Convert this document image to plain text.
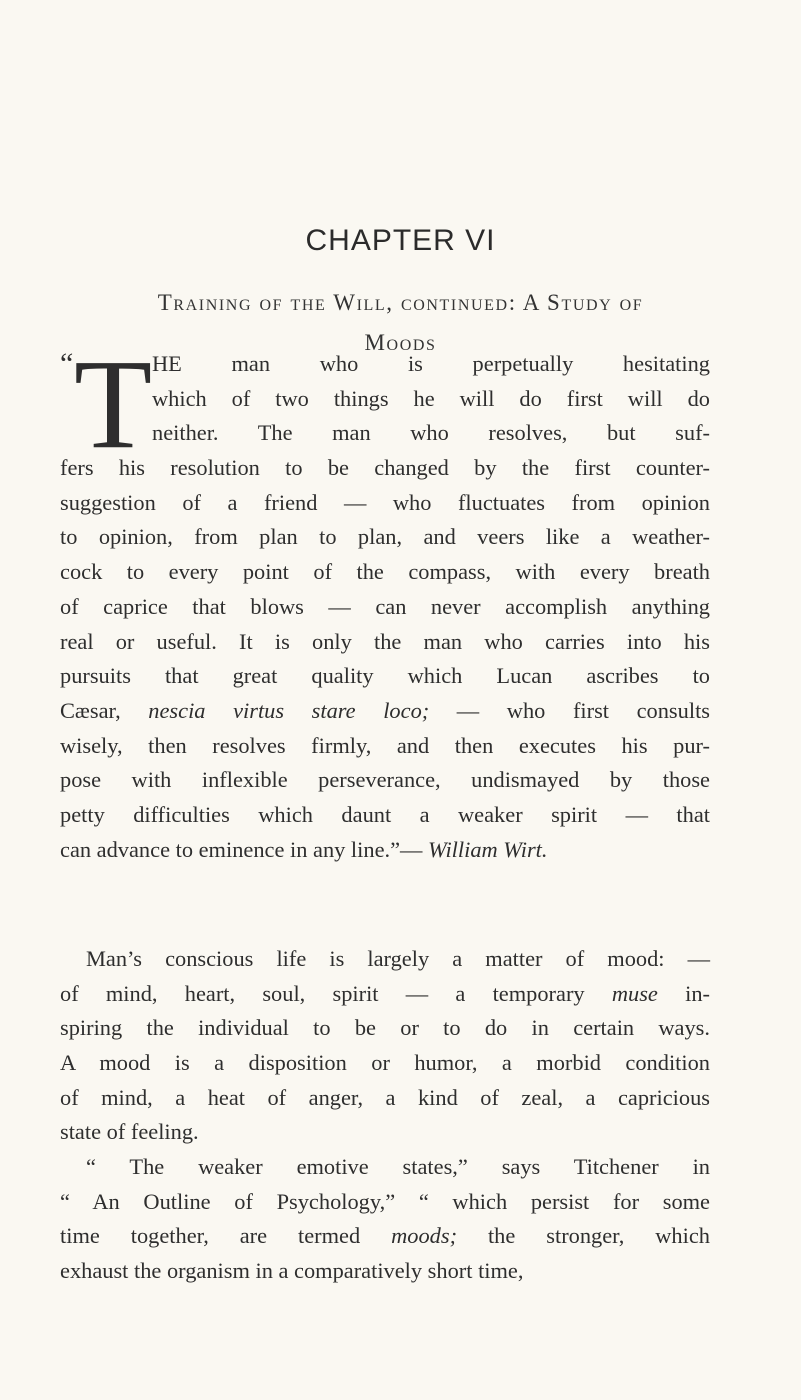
CHAPTER VI
Training of the Will, continued: A Study of
Moods
“ T HE man who is perpetually hesitating
which of two things he will do first will do
neither. The man who resolves, but suf-
fers his resolution to be changed by the first counter-
suggestion of a friend — who fluctuates from opinion
to opinion, from plan to plan, and veers like a weather-
cock to every point of the compass, with every breath
of caprice that blows — can never accomplish anything
real or useful. It is only the man who carries into his
pursuits that great quality which Lucan ascribes to
Cæsar, nescia virtus stare loco; — who first consults
wisely, then resolves firmly, and then executes his pur-
pose with inflexible perseverance, undismayed by those
petty difficulties which daunt a weaker spirit — that
can advance to eminence in any line.”— William Wirt.
Man’s conscious life is largely a matter of mood: —
of mind, heart, soul, spirit — a temporary muse in-
spiring the individual to be or to do in certain ways.
A mood is a disposition or humor, a morbid condition
of mind, a heat of anger, a kind of zeal, a capricious
state of feeling.
“ The weaker emotive states,” says Titchener in
“ An Outline of Psychology,” “ which persist for some
time together, are termed moods; the stronger, which
exhaust the organism in a comparatively short time,
